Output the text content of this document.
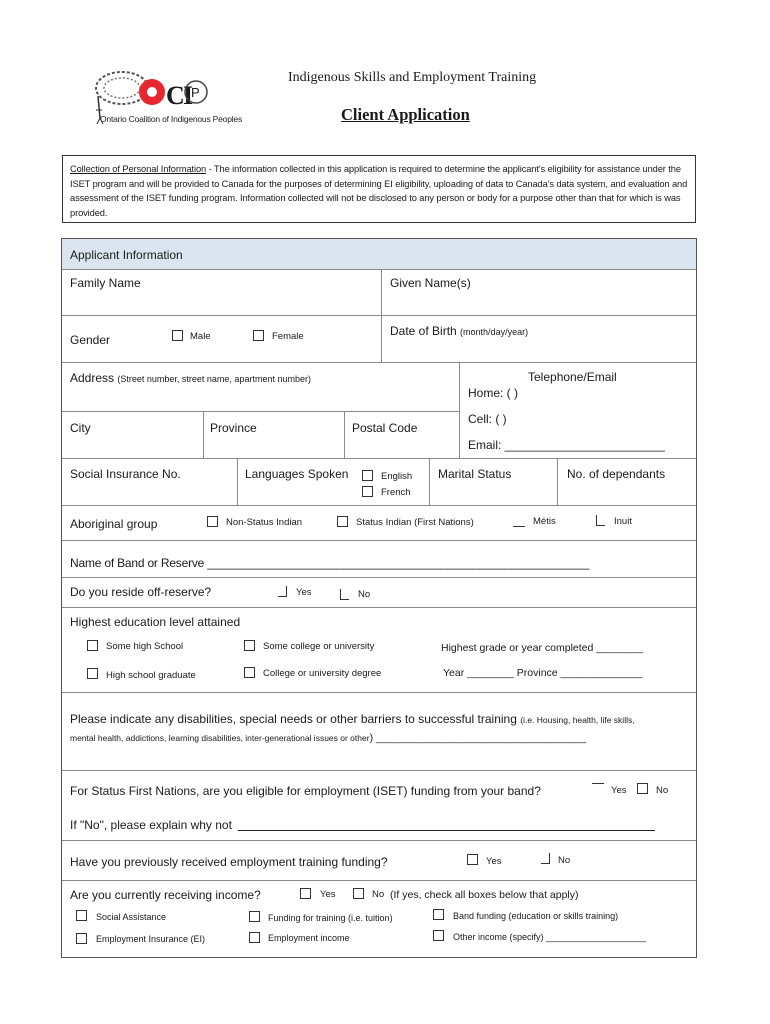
C
I
P
Ontario Coalition of Indigenous Peoples
Indigenous Skills and Employment Training
Client Application
Collection of Personal Information - The information collected in this application is required to determine the applicant's eligibility for assistance under the ISET program and will be provided to Canada for the purposes of determining EI eligibility, uploading of data to Canada's data system, and evaluation and assessment of the ISET funding program. Information collected will not be disclosed to any person or body for a purpose other than that for which is was provided.
Applicant Information
Family Name	Given Name(s)
Gender	Male	Female	Date of Birth (month/day/year)
Address (Street number, street name, apartment number)	Telephone/Email
Home: ( )
Cell: ( )
Email: ________________________
City	Province	Postal Code
Social Insurance No.	Languages Spoken	English
French
Marital Status	No. of dependants
Aboriginal group	Non-Status Indian	Status Indian (First Nations)	Métis	Inuit
Name of Band or Reserve ___________________________________________________________
Do you reside off-reserve?	Yes	No
Highest education level attained
Some high School	Some college or university	Highest grade or year completed ________
High school graduate	College or university degree	Year ________ Province ______________
Please indicate any disabilities, special needs or other barriers to successful training (i.e. Housing, health, life skills,
mental health, addictions, learning disabilities, inter-generational issues or other) ____________________________________
For Status First Nations, are you eligible for employment (ISET) funding from your band?	Yes	No
If "No", please explain why not
Have you previously received employment training funding?	Yes	No
Are you currently receiving income?	Yes	No (If yes, check all boxes below that apply)
Social Assistance	Funding for training (i.e. tuition)	Band funding (education or skills training)
Employment Insurance (EI)	Employment income	Other income (specify) ____________________
